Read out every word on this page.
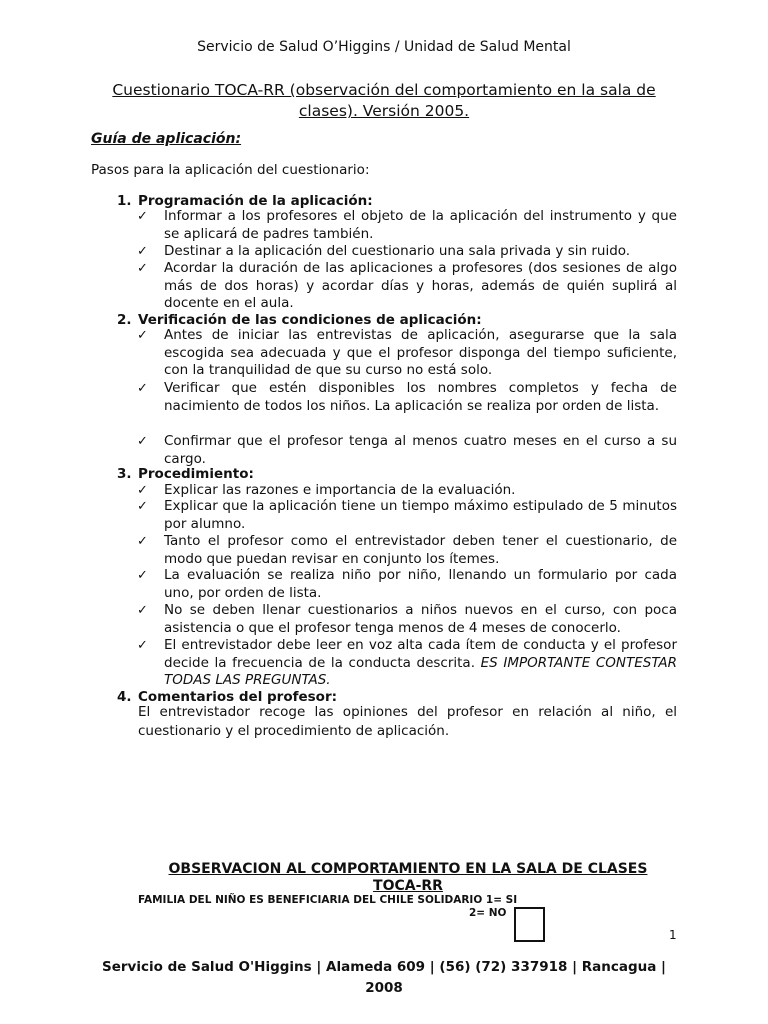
Servicio de Salud O’Higgins / Unidad de Salud Mental
Cuestionario TOCA-RR (observación del comportamiento en la sala de clases). Versión 2005.
Guía de aplicación:
Pasos para la aplicación del cuestionario:
1. Programación de la aplicación:
✓	Informar a los profesores el objeto de la aplicación del instrumento y que se aplicará de padres también.
✓	Destinar a la aplicación del cuestionario una sala privada y sin ruido.
✓	Acordar la duración de las aplicaciones a profesores (dos sesiones de algo más de dos horas) y acordar días y horas, además de quién suplirá al docente en el aula.
2. Verificación de las condiciones de aplicación:
✓	Antes de iniciar las entrevistas de aplicación, asegurarse que la sala escogida sea adecuada y que el profesor disponga del tiempo suficiente, con la tranquilidad de que su curso no está solo.
✓	Verificar que estén disponibles los nombres completos y fecha de nacimiento de todos los niños. La aplicación se realiza por orden de lista.
✓	Confirmar que el profesor tenga al menos cuatro meses en el curso a su cargo.
3. Procedimiento:
✓	Explicar las razones e importancia de la evaluación.
✓	Explicar que la aplicación tiene un tiempo máximo estipulado de 5 minutos por alumno.
✓	Tanto el profesor como el entrevistador deben tener el cuestionario, de modo que puedan revisar en conjunto los ítemes.
✓	La evaluación se realiza niño por niño, llenando un formulario por cada uno, por orden de lista.
✓	No se deben llenar cuestionarios a niños nuevos en el curso, con poca asistencia o que el profesor tenga menos de 4 meses de conocerlo.
✓	El entrevistador debe leer en voz alta cada ítem de conducta y el profesor decide la frecuencia de la conducta descrita. ES IMPORTANTE CONTESTAR TODAS LAS PREGUNTAS.
4. Comentarios del profesor:
El entrevistador recoge las opiniones del profesor en relación al niño, el cuestionario y el procedimiento de aplicación.
OBSERVACION AL COMPORTAMIENTO EN LA SALA DE CLASES
TOCA-RR
FAMILIA DEL NIÑO ES BENEFICIARIA DEL CHILE SOLIDARIO 1= SI
2= NO
1
Servicio de Salud O'Higgins | Alameda 609 | (56) (72) 337918 | Rancagua | 2008
